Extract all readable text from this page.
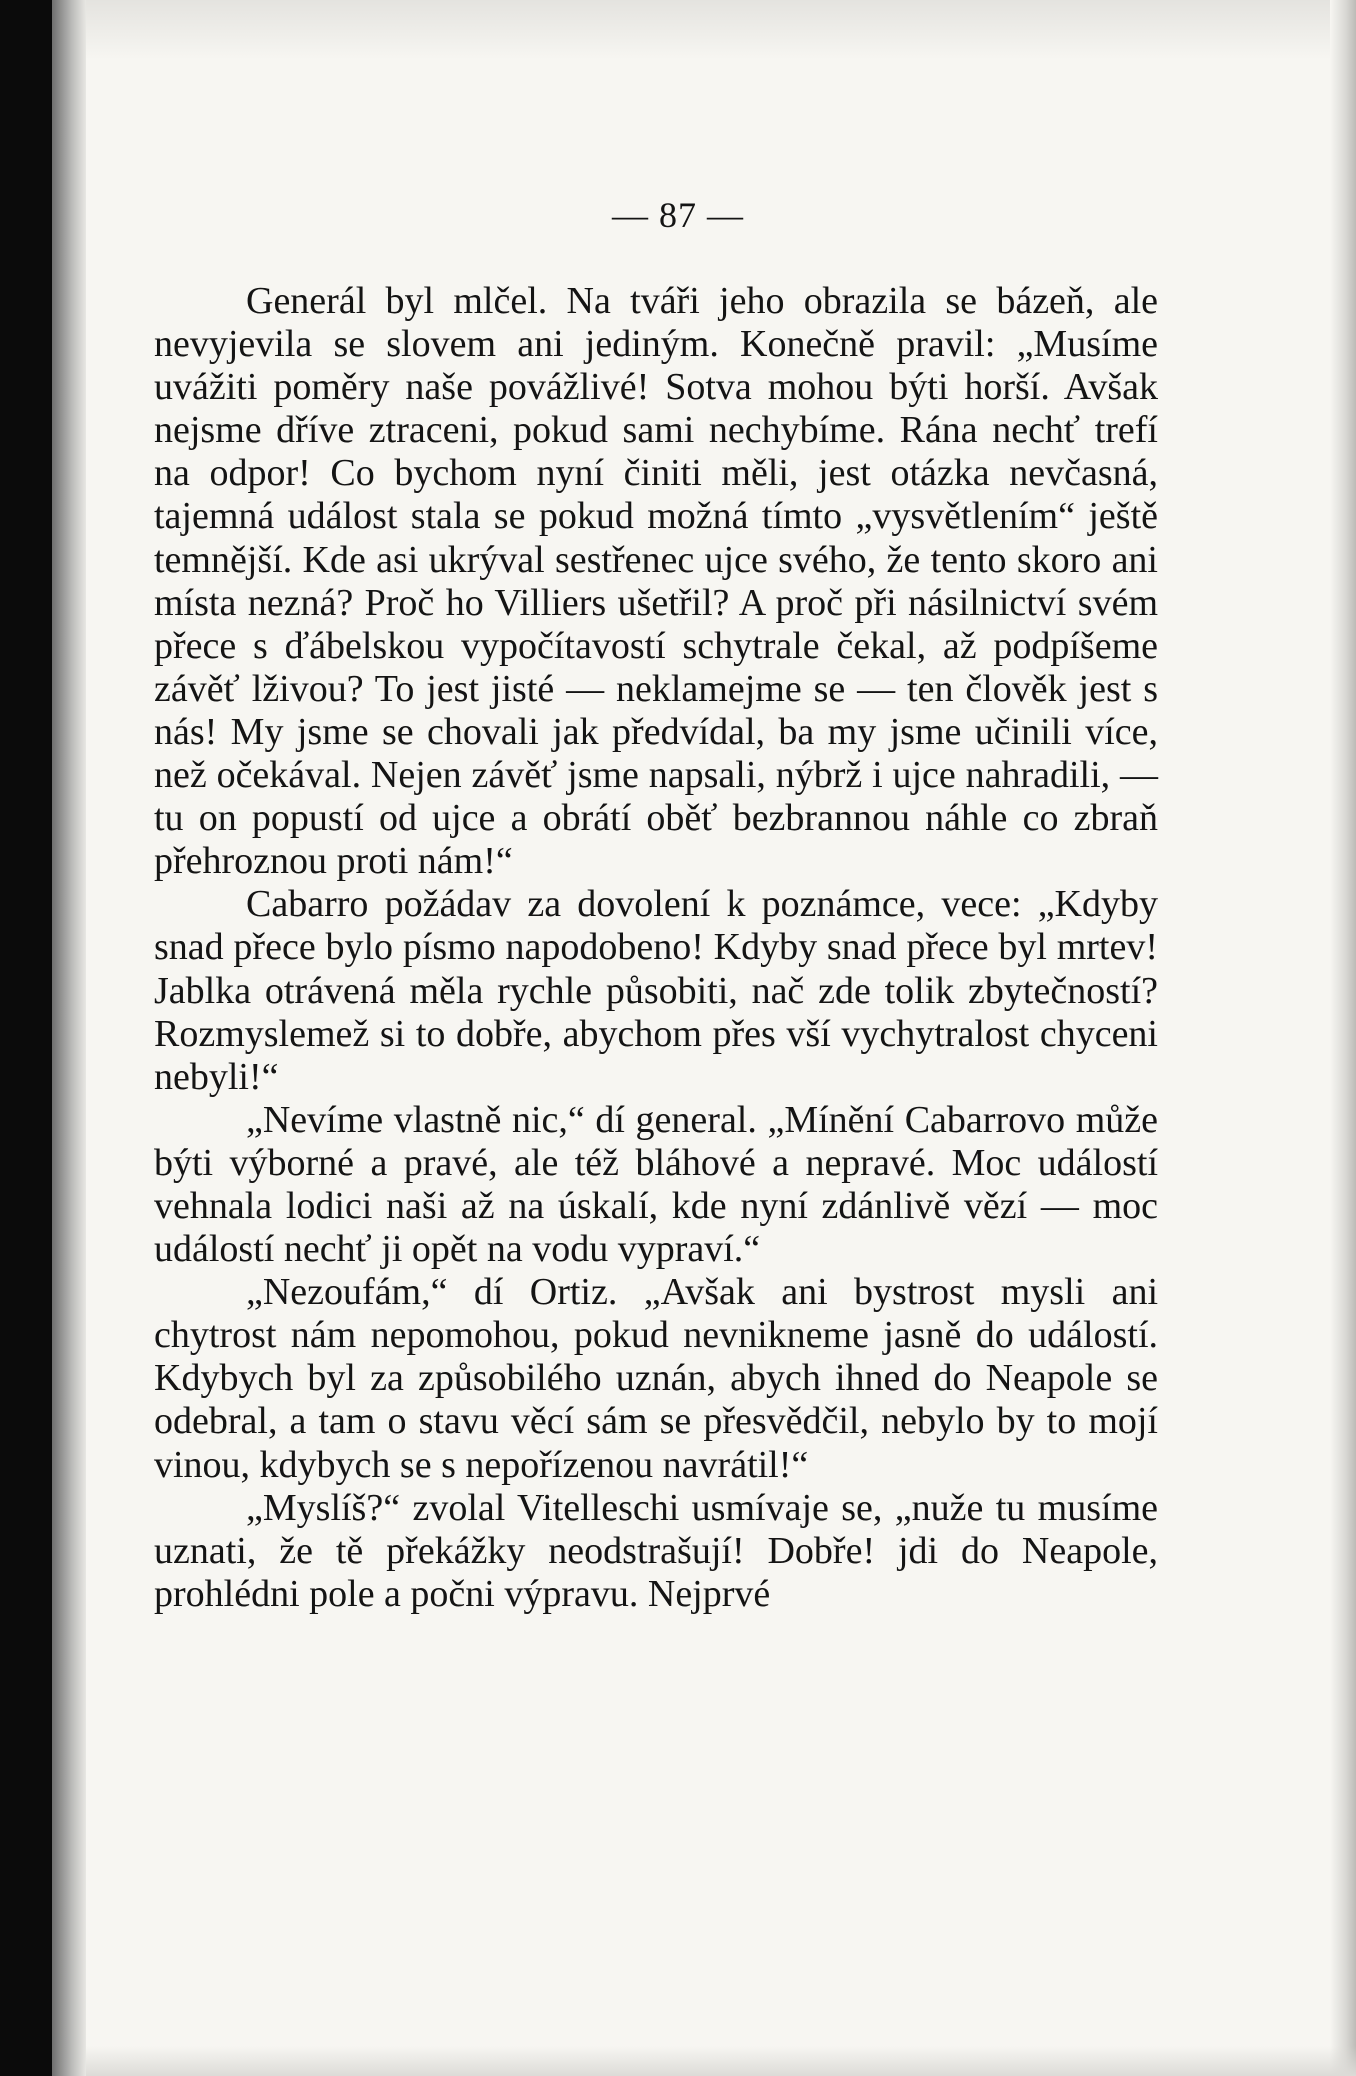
— 87 —

Generál byl mlčel. Na tváři jeho obrazila se bázeň, ale nevyjevila se slovem ani jediným. Konečně pravil: „Musíme uvážiti poměry naše povážlivé! Sotva mohou býti horší. Avšak nejsme dříve ztraceni, pokud sami nechybíme. Rána nechť trefí na odpor! Co bychom nyní činiti měli, jest otázka nevčasná, tajemná událost stala se pokud možná tímto „vysvětlením“ ještě temnější. Kde asi ukrýval sestřenec ujce svého, že tento skoro ani místa nezná? Proč ho Villiers ušetřil? A proč při násilnictví svém přece s ďábelskou vypočítavostí schytrale čekal, až podpíšeme závěť lživou? To jest jisté — neklamejme se — ten člověk jest s nás! My jsme se chovali jak předvídal, ba my jsme učinili více, než očekával. Nejen závěť jsme napsali, nýbrž i ujce nahradili, — tu on popustí od ujce a obrátí oběť bezbrannou náhle co zbraň přehroznou proti nám!“

Cabarro požádav za dovolení k poznámce, vece: „Kdyby snad přece bylo písmo napodobeno! Kdyby snad přece byl mrtev! Jablka otrávená měla rychle působiti, nač zde tolik zbytečností? Rozmyslemež si to dobře, abychom přes vší vychytralost chyceni nebyli!“

„Nevíme vlastně nic,“ dí general. „Mínění Cabarrovo může býti výborné a pravé, ale též bláhové a nepravé. Moc událostí vehnala lodici naši až na úskalí, kde nyní zdánlivě vězí — moc událostí nechť ji opět na vodu vypraví.“

„Nezoufám,“ dí Ortiz. „Avšak ani bystrost mysli ani chytrost nám nepomohou, pokud nevnikneme jasně do událostí. Kdybych byl za způsobilého uznán, abych ihned do Neapole se odebral, a tam o stavu věcí sám se přesvědčil, nebylo by to mojí vinou, kdybych se s nepořízenou navrátil!“

„Myslíš?“ zvolal Vitelleschi usmívaje se, „nuže tu musíme uznati, že tě překážky neodstrašují! Dobře! jdi do Neapole, prohlédni pole a počni výpravu. Nejprvé
